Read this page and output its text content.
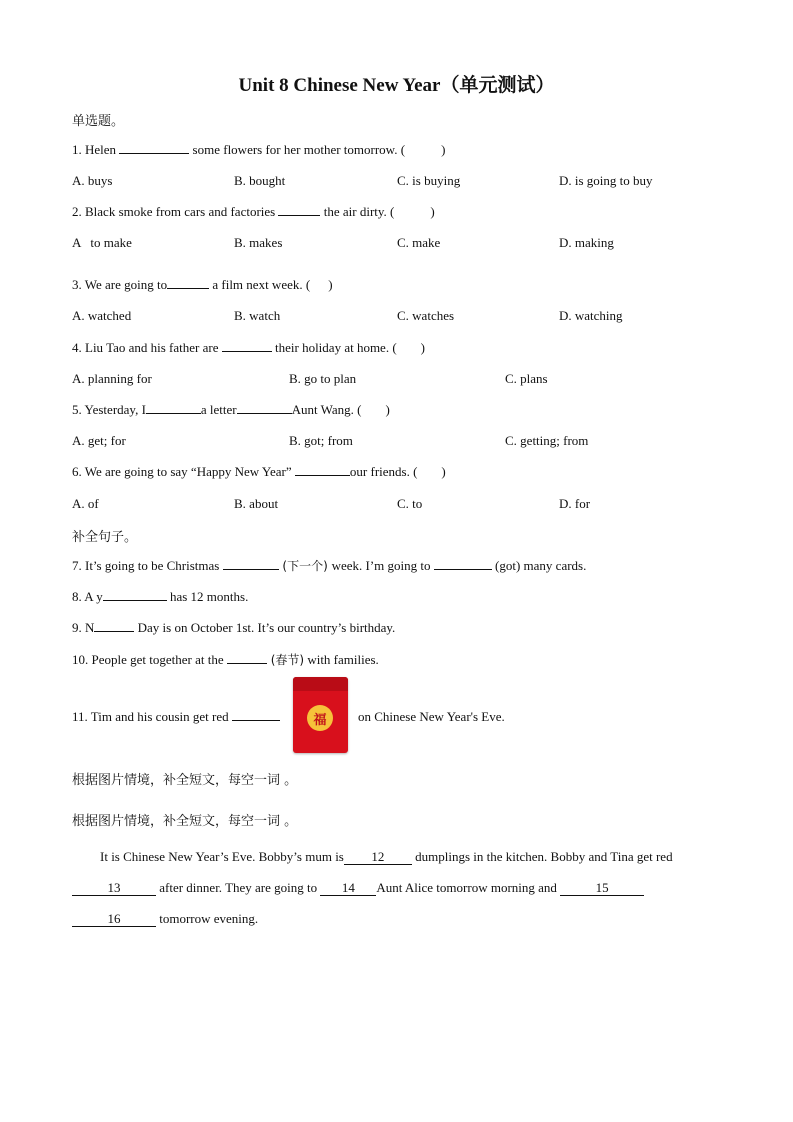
Unit 8 Chinese New Year（单元测试）
单选题。
1. Helen	some flowers for her mother tomorrow. (	)
A. buys	B. bought	C. is buying	D. is going to buy
2. Black smoke from cars and factories	the air dirty. (	)
A to make	B. makes	C. make	D. making
3. We are going to	a film next week. ( )
A. watched	B. watch	C. watches	D. watching
4. Liu Tao and his father are	their holiday at home. ( )
A. planning for	B. go to plan	C. plans
5. Yesterday, I	a letter	Aunt Wang. ( )
A. get; for	B. got; from	C. getting; from
6. We are going to say “Happy New Year”	our friends. ( )
A. of	B. about	C. to	D. for
补全句子。
7. It’s going to be Christmas	(下一个) week. I’m going to	(got) many cards.
8. A y	has 12 months.
9. N	Day is on October 1st. It’s our country’s birthday.
10. People get together at the	(春节) with families.
11. Tim and his cousin get red	福 on Chinese New Year's Eve.
根据图片情境，补全短文，每空一词 。
根据图片情境，补全短文，每空一词 。
It is Chinese New Year’s Eve. Bobby’s mum is 12 dumplings in the kitchen. Bobby and Tina get red
13	after dinner. They are going to 14 Aunt Alice tomorrow morning and	15
16	tomorrow evening.
